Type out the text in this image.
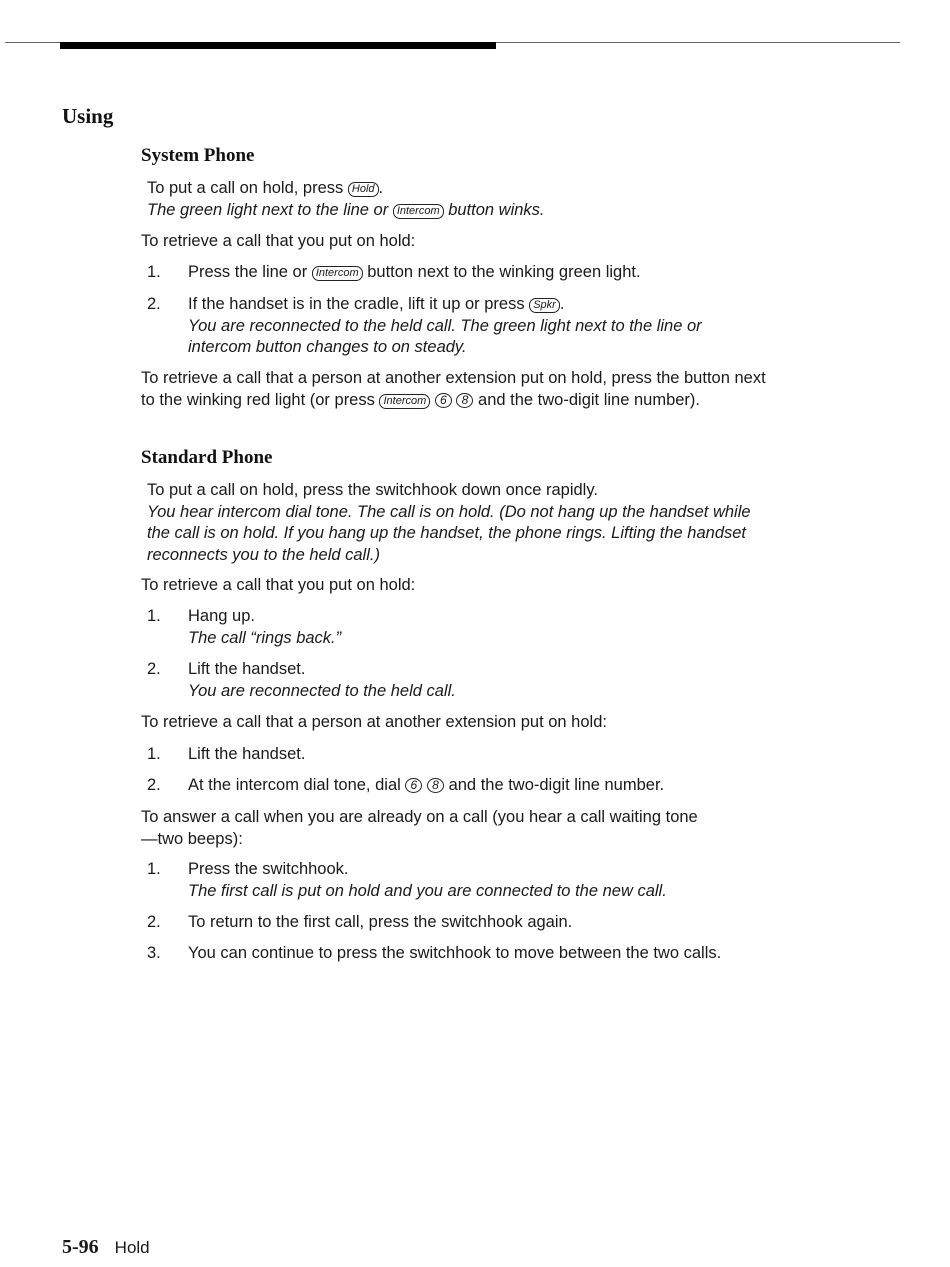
Using
System Phone
To put a call on hold, press Hold .
The green light next to the line or Intercom button winks.
To retrieve a call that you put on hold:
1.	Press the line or Intercom button next to the winking green light.
2.	If the handset is in the cradle, lift it up or press Spkr .
You are reconnected to the held call. The green light next to the line or intercom button changes to on steady.
To retrieve a call that a person at another extension put on hold, press the button next to the winking red light (or press Intercom 6 8 and the two-digit line number).
Standard Phone
To put a call on hold, press the switchhook down once rapidly.
You hear intercom dial tone. The call is on hold. (Do not hang up the handset while the call is on hold. If you hang up the handset, the phone rings. Lifting the handset reconnects you to the held call.)
To retrieve a call that you put on hold:
1.	Hang up.
The call “rings back.”
2.	Lift the handset.
You are reconnected to the held call.
To retrieve a call that a person at another extension put on hold:
1.	Lift the handset.
2.	At the intercom dial tone, dial 6 8 and the two-digit line number.
To answer a call when you are already on a call (you hear a call waiting tone—two beeps):
1.	Press the switchhook.
The first call is put on hold and you are connected to the new call.
2.	To return to the first call, press the switchhook again.
3.	You can continue to press the switchhook to move between the two calls.
5-96 Hold
